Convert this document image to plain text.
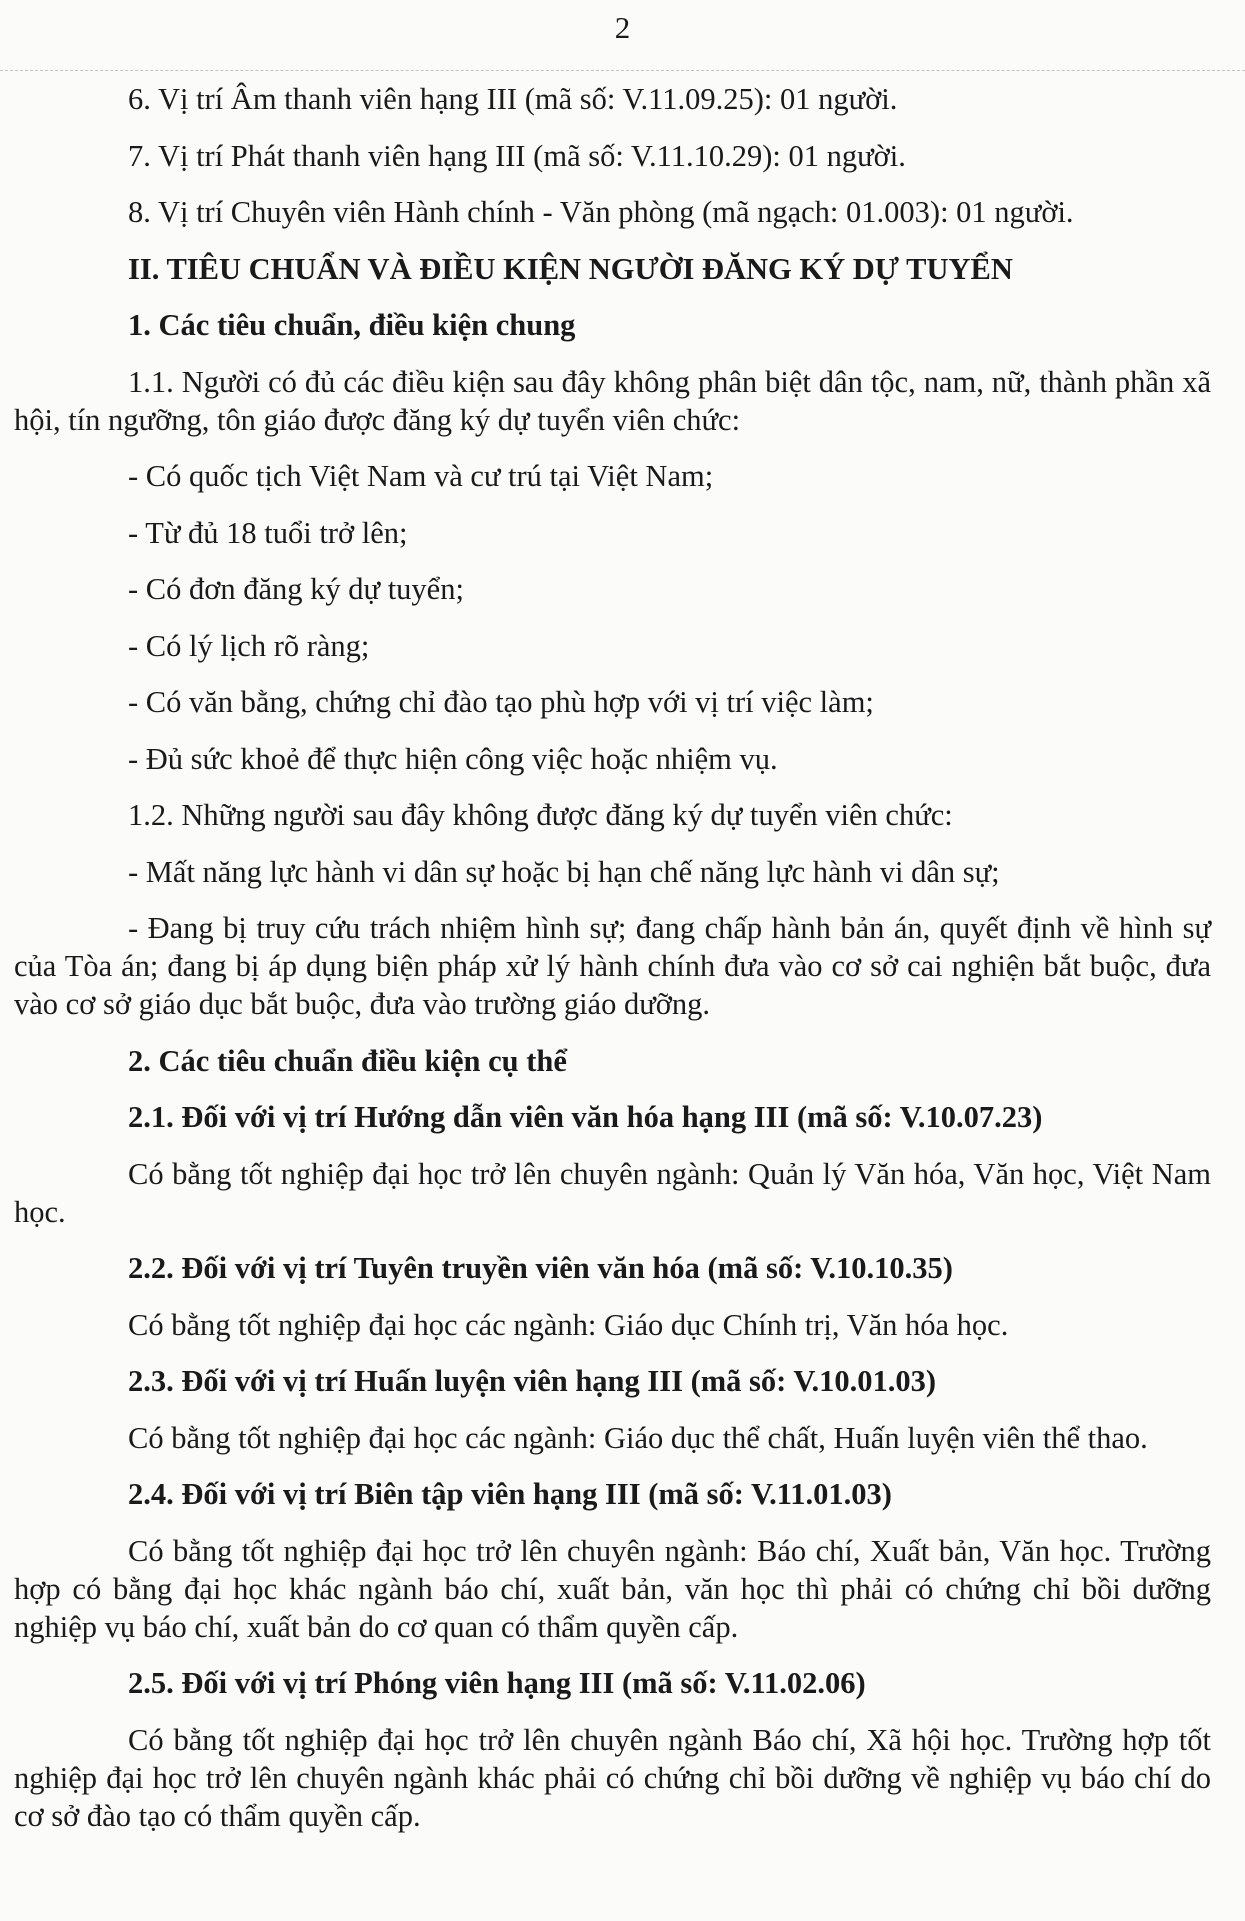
2

6. Vị trí Âm thanh viên hạng III (mã số: V.11.09.25): 01 người.

7. Vị trí Phát thanh viên hạng III (mã số: V.11.10.29): 01 người.

8. Vị trí Chuyên viên Hành chính - Văn phòng (mã ngạch: 01.003): 01 người.

II. TIÊU CHUẨN VÀ ĐIỀU KIỆN NGƯỜI ĐĂNG KÝ DỰ TUYỂN

1. Các tiêu chuẩn, điều kiện chung

1.1. Người có đủ các điều kiện sau đây không phân biệt dân tộc, nam, nữ, thành phần xã hội, tín ngưỡng, tôn giáo được đăng ký dự tuyển viên chức:

- Có quốc tịch Việt Nam và cư trú tại Việt Nam;

- Từ đủ 18 tuổi trở lên;

- Có đơn đăng ký dự tuyển;

- Có lý lịch rõ ràng;

- Có văn bằng, chứng chỉ đào tạo phù hợp với vị trí việc làm;

- Đủ sức khoẻ để thực hiện công việc hoặc nhiệm vụ.

1.2. Những người sau đây không được đăng ký dự tuyển viên chức:

- Mất năng lực hành vi dân sự hoặc bị hạn chế năng lực hành vi dân sự;

- Đang bị truy cứu trách nhiệm hình sự; đang chấp hành bản án, quyết định về hình sự của Tòa án; đang bị áp dụng biện pháp xử lý hành chính đưa vào cơ sở cai nghiện bắt buộc, đưa vào cơ sở giáo dục bắt buộc, đưa vào trường giáo dưỡng.

2. Các tiêu chuẩn điều kiện cụ thể

2.1. Đối với vị trí Hướng dẫn viên văn hóa hạng III (mã số: V.10.07.23)

Có bằng tốt nghiệp đại học trở lên chuyên ngành: Quản lý Văn hóa, Văn học, Việt Nam học.

2.2. Đối với vị trí Tuyên truyền viên văn hóa (mã số: V.10.10.35)

Có bằng tốt nghiệp đại học các ngành: Giáo dục Chính trị, Văn hóa học.

2.3. Đối với vị trí Huấn luyện viên hạng III (mã số: V.10.01.03)

Có bằng tốt nghiệp đại học các ngành: Giáo dục thể chất, Huấn luyện viên thể thao.

2.4. Đối với vị trí Biên tập viên hạng III (mã số: V.11.01.03)

Có bằng tốt nghiệp đại học trở lên chuyên ngành: Báo chí, Xuất bản, Văn học. Trường hợp có bằng đại học khác ngành báo chí, xuất bản, văn học thì phải có chứng chỉ bồi dưỡng nghiệp vụ báo chí, xuất bản do cơ quan có thẩm quyền cấp.

2.5. Đối với vị trí Phóng viên hạng III (mã số: V.11.02.06)

Có bằng tốt nghiệp đại học trở lên chuyên ngành Báo chí, Xã hội học. Trường hợp tốt nghiệp đại học trở lên chuyên ngành khác phải có chứng chỉ bồi dưỡng về nghiệp vụ báo chí do cơ sở đào tạo có thẩm quyền cấp.
